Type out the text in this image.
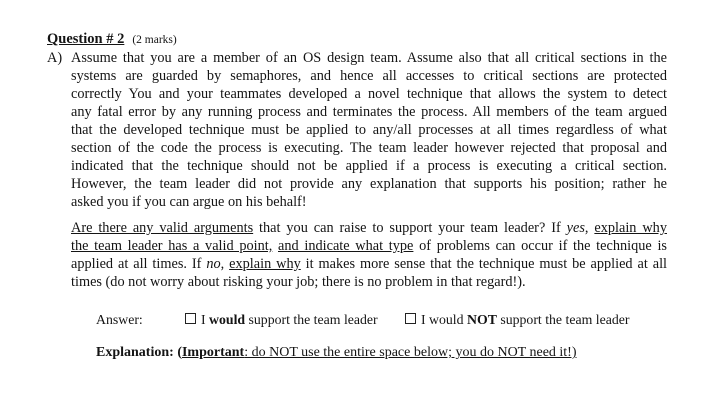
Question # 2 (2 marks)
A) Assume that you are a member of an OS design team. Assume also that all critical sections in the
systems are guarded by semaphores, and hence all accesses to critical sections are protected
correctly You and your teammates developed a novel technique that allows the system to detect
any fatal error by any running process and terminates the process. All members of the team argued
that the developed technique must be applied to any/all processes at all times regardless of what
section of the code the process is executing. The team leader however rejected that proposal and
indicated that the technique should not be applied if a process is executing a critical section.
However, the team leader did not provide any explanation that supports his position; rather he
asked you if you can argue on his behalf!
Are there any valid arguments that you can raise to support your team leader? If yes, explain why
the team leader has a valid point, and indicate what type of problems can occur if the technique is
applied at all times. If no, explain why it makes more sense that the technique must be applied at all
times (do not worry about risking your job; there is no problem in that regard!).
Answer:	I would support the team leader	I would NOT support the team leader
Explanation: (Important: do NOT use the entire space below; you do NOT need it!)
